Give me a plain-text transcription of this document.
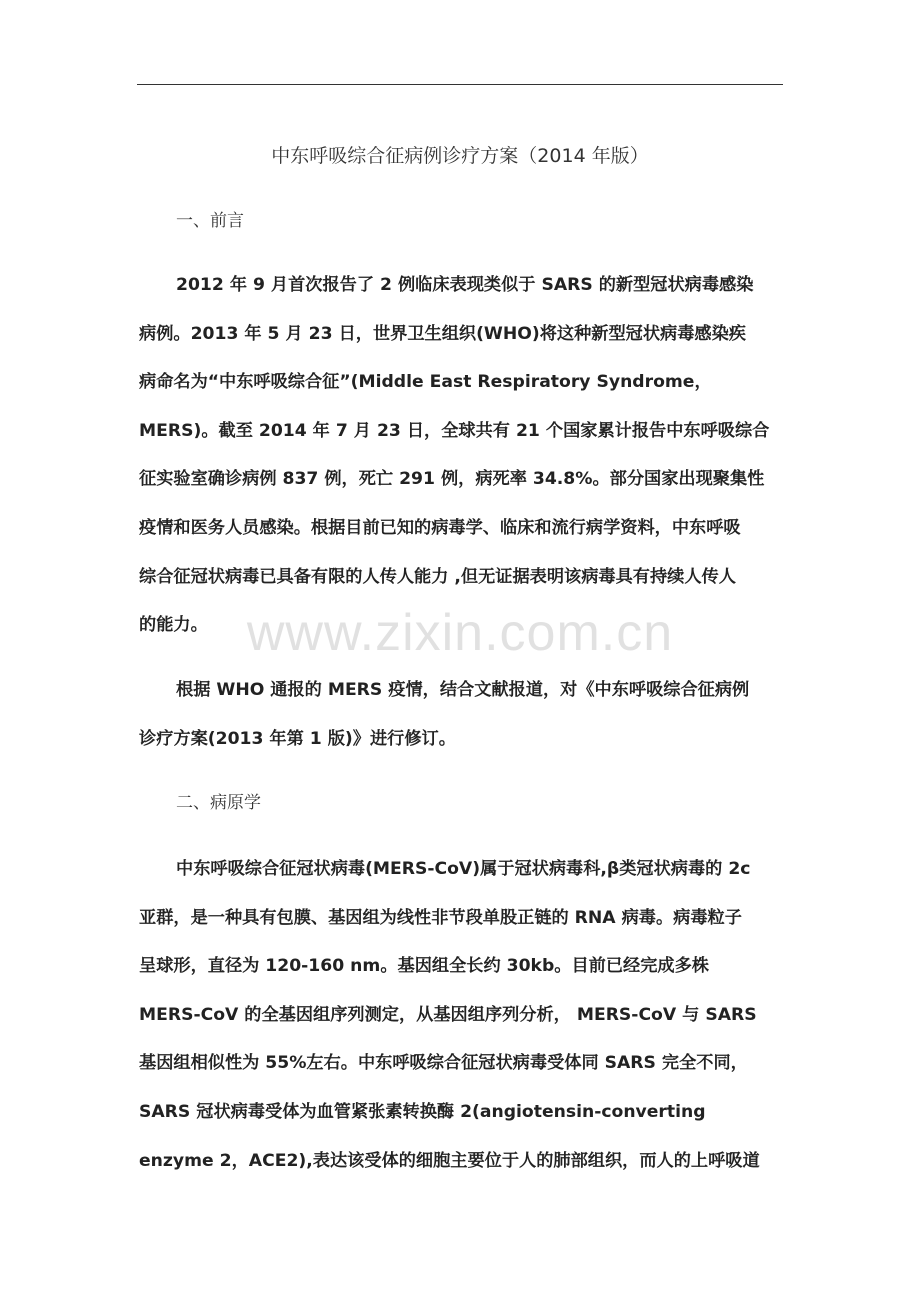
中东呼吸综合征病例诊疗方案（2014 年版）
一、前言
2012 年 9 月首次报告了 2 例临床表现类似于 SARS 的新型冠状病毒感染
病例。2013 年 5 月 23 日，世界卫生组织(WHO)将这种新型冠状病毒感染疾
病命名为“中东呼吸综合征”(Middle East Respiratory Syndrome，
MERS)。截至 2014 年 7 月 23 日，全球共有 21 个国家累计报告中东呼吸综合
征实验室确诊病例 837 例，死亡 291 例，病死率 34.8%。部分国家出现聚集性
疫情和医务人员感染。根据目前已知的病毒学、临床和流行病学资料，中东呼吸
综合征冠状病毒已具备有限的人传人能力 ,但无证据表明该病毒具有持续人传人
的能力。 www.zixin.com.cn
根据 WHO 通报的 MERS 疫情，结合文献报道，对《中东呼吸综合征病例
诊疗方案(2013 年第 1 版)》进行修订。
二、病原学
中东呼吸综合征冠状病毒(MERS-CoV)属于冠状病毒科,β类冠状病毒的 2c
亚群，是一种具有包膜、基因组为线性非节段单股正链的 RNA 病毒。病毒粒子
呈球形，直径为 120-160 nm。基因组全长约 30kb。目前已经完成多株
MERS-CoV 的全基因组序列测定，从基因组序列分析， MERS-CoV 与 SARS
基因组相似性为 55%左右。中东呼吸综合征冠状病毒受体同 SARS 完全不同，
SARS 冠状病毒受体为血管紧张素转换酶 2(angiotensin-converting
enzyme 2，ACE2),表达该受体的细胞主要位于人的肺部组织，而人的上呼吸道
